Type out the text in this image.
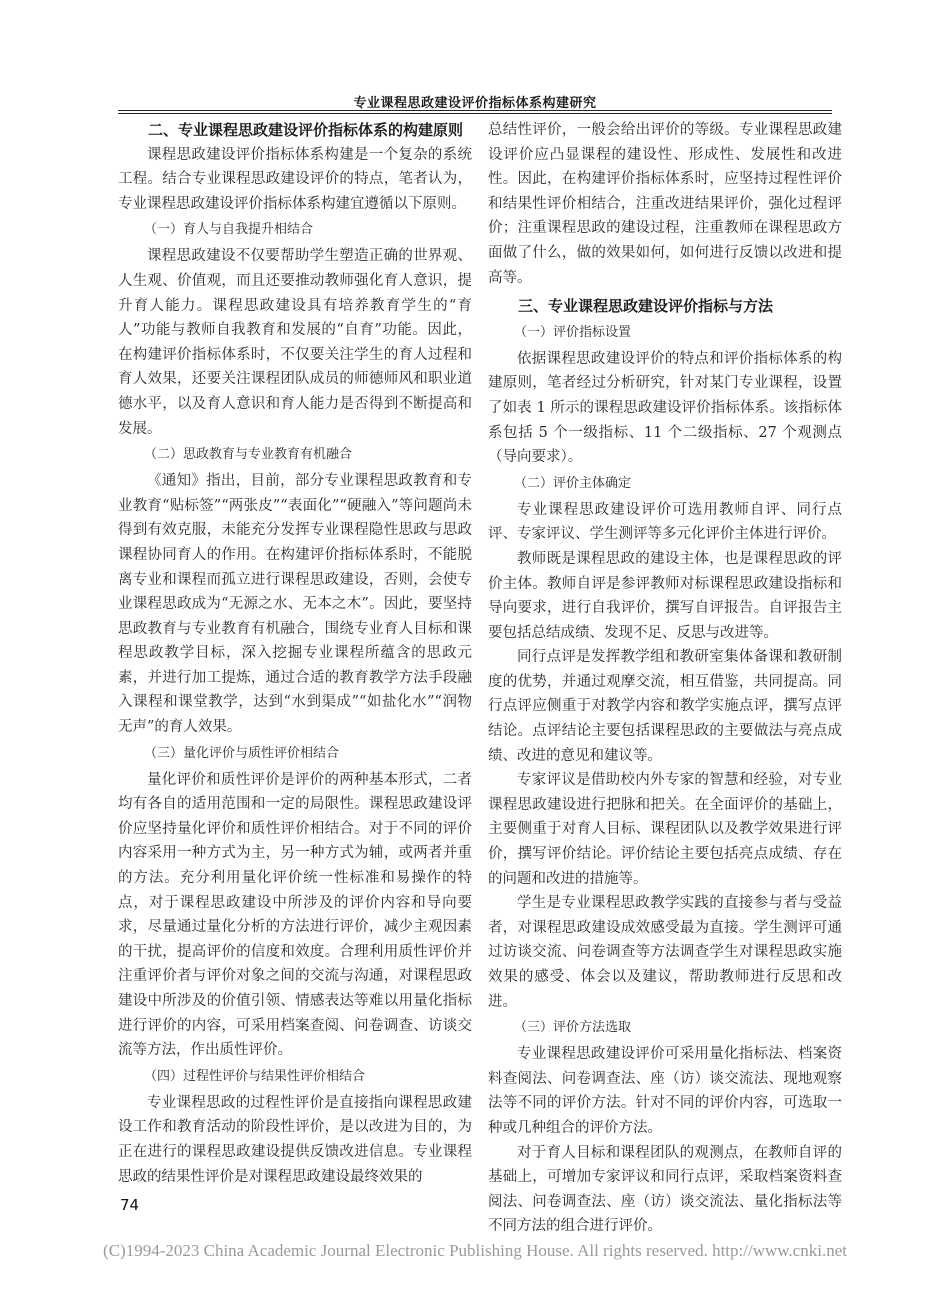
专业课程思政建设评价指标体系构建研究
二、专业课程思政建设评价指标体系的构建原则

课程思政建设评价指标体系构建是一个复杂的系统工程。结合专业课程思政建设评价的特点，笔者认为，专业课程思政建设评价指标体系构建宜遵循以下原则。

（一）育人与自我提升相结合

课程思政建设不仅要帮助学生塑造正确的世界观、人生观、价值观，而且还要推动教师强化育人意识，提升育人能力。课程思政建设具有培养教育学生的“育人”功能与教师自我教育和发展的“自育”功能。因此，在构建评价指标体系时，不仅要关注学生的育人过程和育人效果，还要关注课程团队成员的师德师风和职业道德水平，以及育人意识和育人能力是否得到不断提高和发展。

（二）思政教育与专业教育有机融合

《通知》指出，目前，部分专业课程思政教育和专业教育“贴标签”“两张皮”“表面化”“硬融入”等问题尚未得到有效克服，未能充分发挥专业课程隐性思政与思政课程协同育人的作用。在构建评价指标体系时，不能脱离专业和课程而孤立进行课程思政建设，否则，会使专业课程思政成为“无源之水、无本之木”。因此，要坚持思政教育与专业教育有机融合，围绕专业育人目标和课程思政教学目标，深入挖掘专业课程所蕴含的思政元素，并进行加工提炼，通过合适的教育教学方法手段融入课程和课堂教学，达到“水到渠成”“如盐化水”“润物无声”的育人效果。

（三）量化评价与质性评价相结合

量化评价和质性评价是评价的两种基本形式，二者均有各自的适用范围和一定的局限性。课程思政建设评价应坚持量化评价和质性评价相结合。对于不同的评价内容采用一种方式为主，另一种方式为辅，或两者并重的方法。充分利用量化评价统一性标准和易操作的特点，对于课程思政建设中所涉及的评价内容和导向要求，尽量通过量化分析的方法进行评价，减少主观因素的干扰，提高评价的信度和效度。合理利用质性评价并注重评价者与评价对象之间的交流与沟通，对课程思政建设中所涉及的价值引领、情感表达等难以用量化指标进行评价的内容，可采用档案查阅、问卷调查、访谈交流等方法，作出质性评价。

（四）过程性评价与结果性评价相结合

专业课程思政的过程性评价是直接指向课程思政建设工作和教育活动的阶段性评价，是以改进为目的，为正在进行的课程思政建设提供反馈改进信息。专业课程思政的结果性评价是对课程思政建设最终效果的

总结性评价，一般会给出评价的等级。专业课程思政建设评价应凸显课程的建设性、形成性、发展性和改进性。因此，在构建评价指标体系时，应坚持过程性评价和结果性评价相结合，注重改进结果评价，强化过程评价；注重课程思政的建设过程，注重教师在课程思政方面做了什么，做的效果如何，如何进行反馈以改进和提高等。

三、专业课程思政建设评价指标与方法
（一）评价指标设置

依据课程思政建设评价的特点和评价指标体系的构建原则，笔者经过分析研究，针对某门专业课程，设置了如表 1 所示的课程思政建设评价指标体系。该指标体系包括 5 个一级指标、11 个二级指标、27 个观测点（导向要求）。

（二）评价主体确定

专业课程思政建设评价可选用教师自评、同行点评、专家评议、学生测评等多元化评价主体进行评价。

教师既是课程思政的建设主体，也是课程思政的评价主体。教师自评是参评教师对标课程思政建设指标和导向要求，进行自我评价，撰写自评报告。自评报告主要包括总结成绩、发现不足、反思与改进等。

同行点评是发挥教学组和教研室集体备课和教研制度的优势，并通过观摩交流，相互借鉴，共同提高。同行点评应侧重于对教学内容和教学实施点评，撰写点评结论。点评结论主要包括课程思政的主要做法与亮点成绩、改进的意见和建议等。

专家评议是借助校内外专家的智慧和经验，对专业课程思政建设进行把脉和把关。在全面评价的基础上，主要侧重于对育人目标、课程团队以及教学效果进行评价，撰写评价结论。评价结论主要包括亮点成绩、存在的问题和改进的措施等。

学生是专业课程思政教学实践的直接参与者与受益者，对课程思政建设成效感受最为直接。学生测评可通过访谈交流、问卷调查等方法调查学生对课程思政实施效果的感受、体会以及建议，帮助教师进行反思和改进。

（三）评价方法选取

专业课程思政建设评价可采用量化指标法、档案资料查阅法、问卷调查法、座（访）谈交流法、现地观察法等不同的评价方法。针对不同的评价内容，可选取一种或几种组合的评价方法。

对于育人目标和课程团队的观测点，在教师自评的基础上，可增加专家评议和同行点评，采取档案资料查阅法、问卷调查法、座（访）谈交流法、量化指标法等不同方法的组合进行评价。

74
(C)1994-2023 China Academic Journal Electronic Publishing House. All rights reserved. http://www.cnki.net
